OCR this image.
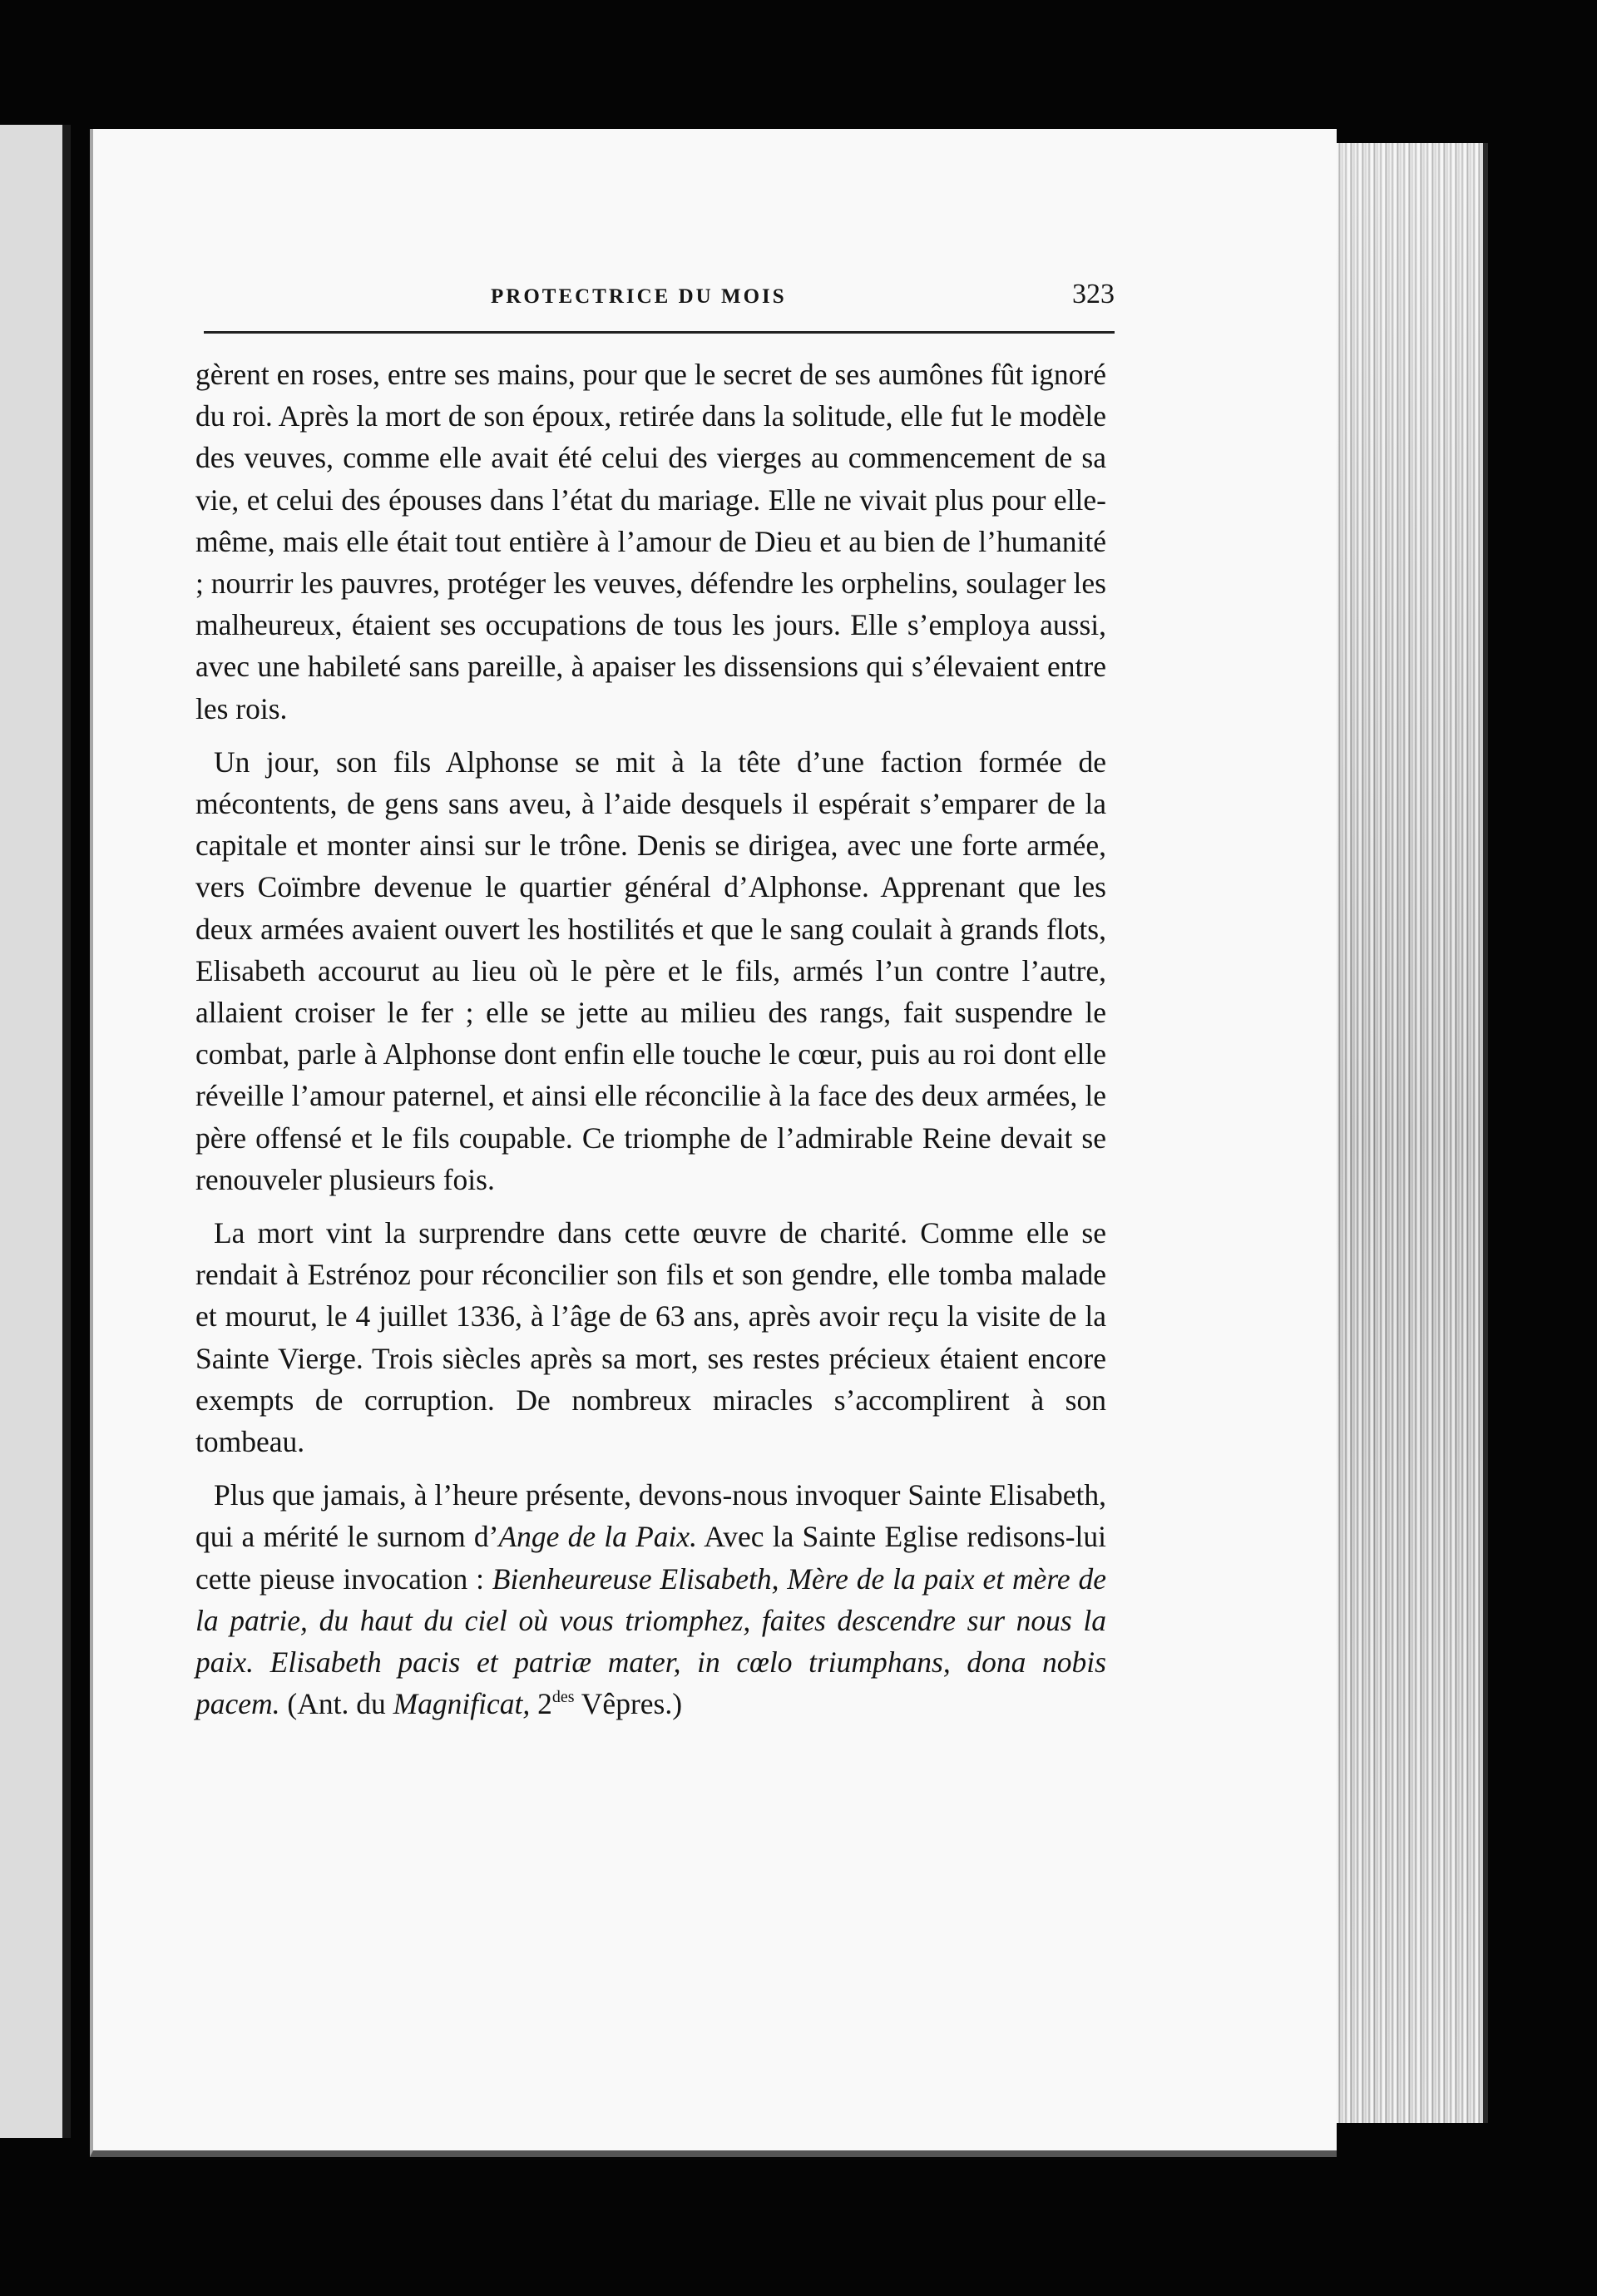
PROTECTRICE DU MOIS	323

gèrent en roses, entre ses mains, pour que le secret de ses aumônes fût ignoré du roi. Après la mort de son époux, retirée dans la solitude, elle fut le modèle des veuves, comme elle avait été celui des vierges au commencement de sa vie, et celui des épouses dans l’état du mariage. Elle ne vivait plus pour elle-même, mais elle était tout entière à l’amour de Dieu et au bien de l’humanité ; nourrir les pauvres, protéger les veuves, défendre les orphelins, soulager les malheureux, étaient ses occupations de tous les jours. Elle s’employa aussi, avec une habileté sans pareille, à apaiser les dissensions qui s’élevaient entre les rois.

Un jour, son fils Alphonse se mit à la tête d’une faction formée de mécontents, de gens sans aveu, à l’aide desquels il espérait s’emparer de la capitale et monter ainsi sur le trône. Denis se dirigea, avec une forte armée, vers Coïmbre devenue le quartier général d’Alphonse. Apprenant que les deux armées avaient ouvert les hostilités et que le sang coulait à grands flots, Elisabeth accourut au lieu où le père et le fils, armés l’un contre l’autre, allaient croiser le fer ; elle se jette au milieu des rangs, fait suspendre le combat, parle à Alphonse dont enfin elle touche le cœur, puis au roi dont elle réveille l’amour paternel, et ainsi elle réconcilie à la face des deux armées, le père offensé et le fils coupable. Ce triomphe de l’admirable Reine devait se renouveler plusieurs fois.

La mort vint la surprendre dans cette œuvre de charité. Comme elle se rendait à Estrénoz pour réconcilier son fils et son gendre, elle tomba malade et mourut, le 4 juillet 1336, à l’âge de 63 ans, après avoir reçu la visite de la Sainte Vierge. Trois siècles après sa mort, ses restes précieux étaient encore exempts de corruption. De nombreux miracles s’accomplirent à son tombeau.

Plus que jamais, à l’heure présente, devons-nous invoquer Sainte Elisabeth, qui a mérité le surnom d’Ange de la Paix. Avec la Sainte Eglise redisons-lui cette pieuse invocation : Bienheureuse Elisabeth, Mère de la paix et mère de la patrie, du haut du ciel où vous triomphez, faites descendre sur nous la paix. Elisabeth pacis et patriæ mater, in cœlo triumphans, dona nobis pacem. (Ant. du Magnificat, $2^{des}$ Vêpres.)
